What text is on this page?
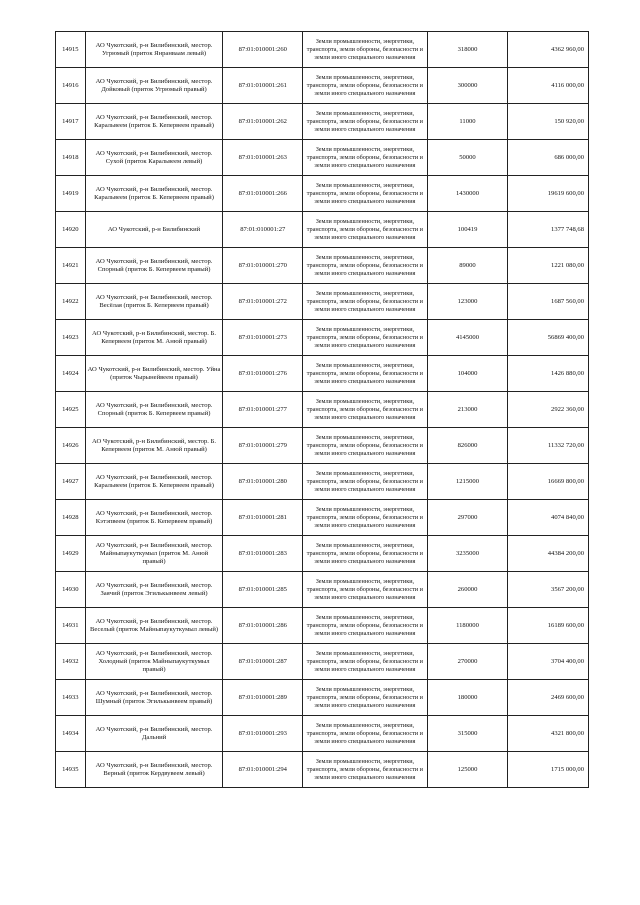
14915	АО Чукотский, р-н Билибинский, местор. Угрюмый (приток Янранваам левый)	87:01:010001:260	Земли промышленности, энергетики, транспорта, земли обороны, безопасности и земли иного специального назначения	318000	4362 960,00
14916	АО Чукотский, р-н Билибинский, местор. Дойковый (приток Угрюмый правый)	87:01:010001:261	Земли промышленности, энергетики, транспорта, земли обороны, безопасности и земли иного специального назначения	300000	4116 000,00
14917	АО Чукотский, р-н Билибинский, местор. Каральвеем (приток Б. Кепервеем правый)	87:01:010001:262	Земли промышленности, энергетики, транспорта, земли обороны, безопасности и земли иного специального назначения	11000	150 920,00
14918	АО Чукотский, р-н Билибинский, местор. Сухой (приток Каральвеем левый)	87:01:010001:263	Земли промышленности, энергетики, транспорта, земли обороны, безопасности и земли иного специального назначения	50000	686 000,00
14919	АО Чукотский, р-н Билибинский, местор. Каральвеем (приток Б. Кепервеем правый)	87:01:010001:266	Земли промышленности, энергетики, транспорта, земли обороны, безопасности и земли иного специального назначения	1430000	19619 600,00
14920	АО Чукотский, р-н Билибинский	87:01:010001:27	Земли промышленности, энергетики, транспорта, земли обороны, безопасности и земли иного специального назначения	100419	1377 748,68
14921	АО Чукотский, р-н Билибинский, местор. Спорный (приток Б. Кепервеем правый)	87:01:010001:270	Земли промышленности, энергетики, транспорта, земли обороны, безопасности и земли иного специального назначения	89000	1221 080,00
14922	АО Чукотский, р-н Билибинский, местор. Весёлая (приток Б. Кепервеем правый)	87:01:010001:272	Земли промышленности, энергетики, транспорта, земли обороны, безопасности и земли иного специального назначения	123000	1687 560,00
14923	АО Чукотский, р-н Билибинский, местор. Б. Кепервеем (приток М. Анюй правый)	87:01:010001:273	Земли промышленности, энергетики, транспорта, земли обороны, безопасности и земли иного специального назначения	4145000	56869 400,00
14924	АО Чукотский, р-н Билибинский, местор. Уйна (приток Чырынейвеем правый)	87:01:010001:276	Земли промышленности, энергетики, транспорта, земли обороны, безопасности и земли иного специального назначения	104000	1426 880,00
14925	АО Чукотский, р-н Билибинский, местор. Спорный (приток Б. Кепервеем правый)	87:01:010001:277	Земли промышленности, энергетики, транспорта, земли обороны, безопасности и земли иного специального назначения	213000	2922 360,00
14926	АО Чукотский, р-н Билибинский, местор. Б. Кепервеем (приток М. Анюй правый)	87:01:010001:279	Земли промышленности, энергетики, транспорта, земли обороны, безопасности и земли иного специального назначения	826000	11332 720,00
14927	АО Чукотский, р-н Билибинский, местор. Каральвеем (приток Б. Кепервеем правый)	87:01:010001:280	Земли промышленности, энергетики, транспорта, земли обороны, безопасности и земли иного специального назначения	1215000	16669 800,00
14928	АО Чукотский, р-н Билибинский, местор. Кэтэпвеем (приток Б. Кепервеем правый)	87:01:010001:281	Земли промышленности, энергетики, транспорта, земли обороны, безопасности и земли иного специального назначения	297000	4074 840,00
14929	АО Чукотский, р-н Билибинский, местор. Майныпаукуткумыл (приток М. Анюй правый)	87:01:010001:283	Земли промышленности, энергетики, транспорта, земли обороны, безопасности и земли иного специального назначения	3235000	44384 200,00
14930	АО Чукотский, р-н Билибинский, местор. Заячий (приток Эгилькынвеем левый)	87:01:010001:285	Земли промышленности, энергетики, транспорта, земли обороны, безопасности и земли иного специального назначения	260000	3567 200,00
14931	АО Чукотский, р-н Билибинский, местор. Веселый (приток Майныпаукуткумыл левый)	87:01:010001:286	Земли промышленности, энергетики, транспорта, земли обороны, безопасности и земли иного специального назначения	1180000	16189 600,00
14932	АО Чукотский, р-н Билибинский, местор. Холодный (приток Майныпаукуткумыл правый)	87:01:010001:287	Земли промышленности, энергетики, транспорта, земли обороны, безопасности и земли иного специального назначения	270000	3704 400,00
14933	АО Чукотский, р-н Билибинский, местор. Шумный (приток Эгилькынвеем правый)	87:01:010001:289	Земли промышленности, энергетики, транспорта, земли обороны, безопасности и земли иного специального назначения	180000	2469 600,00
14934	АО Чукотский, р-н Билибинский, местор. Дальний	87:01:010001:293	Земли промышленности, энергетики, транспорта, земли обороны, безопасности и земли иного специального назначения	315000	4321 800,00
14935	АО Чукотский, р-н Билибинский, местор. Верный (приток Кердвувеем левый)	87:01:010001:294	Земли промышленности, энергетики, транспорта, земли обороны, безопасности и земли иного специального назначения	125000	1715 000,00
